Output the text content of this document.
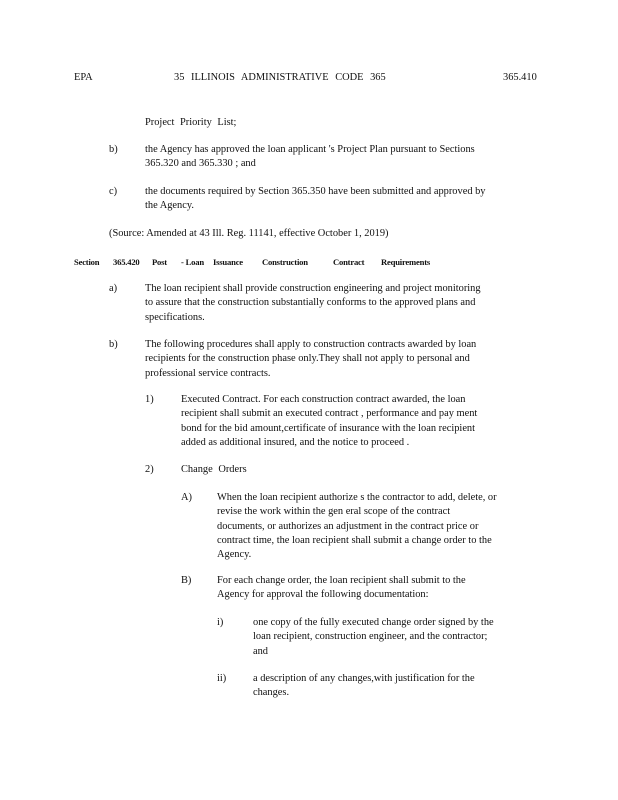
EPA	35 ILLINOIS ADMINISTRATIVE CODE 365	365.410
Project Priority List;
b)	the Agency has approved the loan applicant 's Project Plan pursuant to Sections
365.320 and 365.330 ; and
c)	the documents required by Section 365.350 have been submitted and approved by
the Agency.
(Source: Amended at 43 Ill. Reg. 11141, effective October 1, 2019)
Section 365.420 Post - Loan Issuance Construction	Contract Requirements
a)	The loan recipient shall provide construction engineering and project monitoring
to assure that the construction substantially conforms to the approved plans and
specifications.
b)	The following procedures shall apply to construction contracts awarded by loan
recipients for the construction phase only.They shall not apply to personal and
professional service contracts.
1)	Executed Contract. For each construction contract awarded, the loan
recipient shall submit an executed contract , performance and pay ment
bond for the bid amount,certificate of insurance with the loan recipient
added as additional insured, and the notice to proceed .
2)	Change Orders
A) When the loan recipient authorize s the contractor to add, delete, or
revise the work within the gen eral scope of the contract
documents, or authorizes an adjustment in the contract price or
contract time, the loan recipient shall submit a change order to the
Agency.
B) For each change order, the loan recipient shall submit to the
Agency for approval the following documentation:
i)	one copy of the fully executed change order signed by the
loan recipient, construction engineer, and the contractor;
and
ii)	a description of any changes,with justification for the
changes.
